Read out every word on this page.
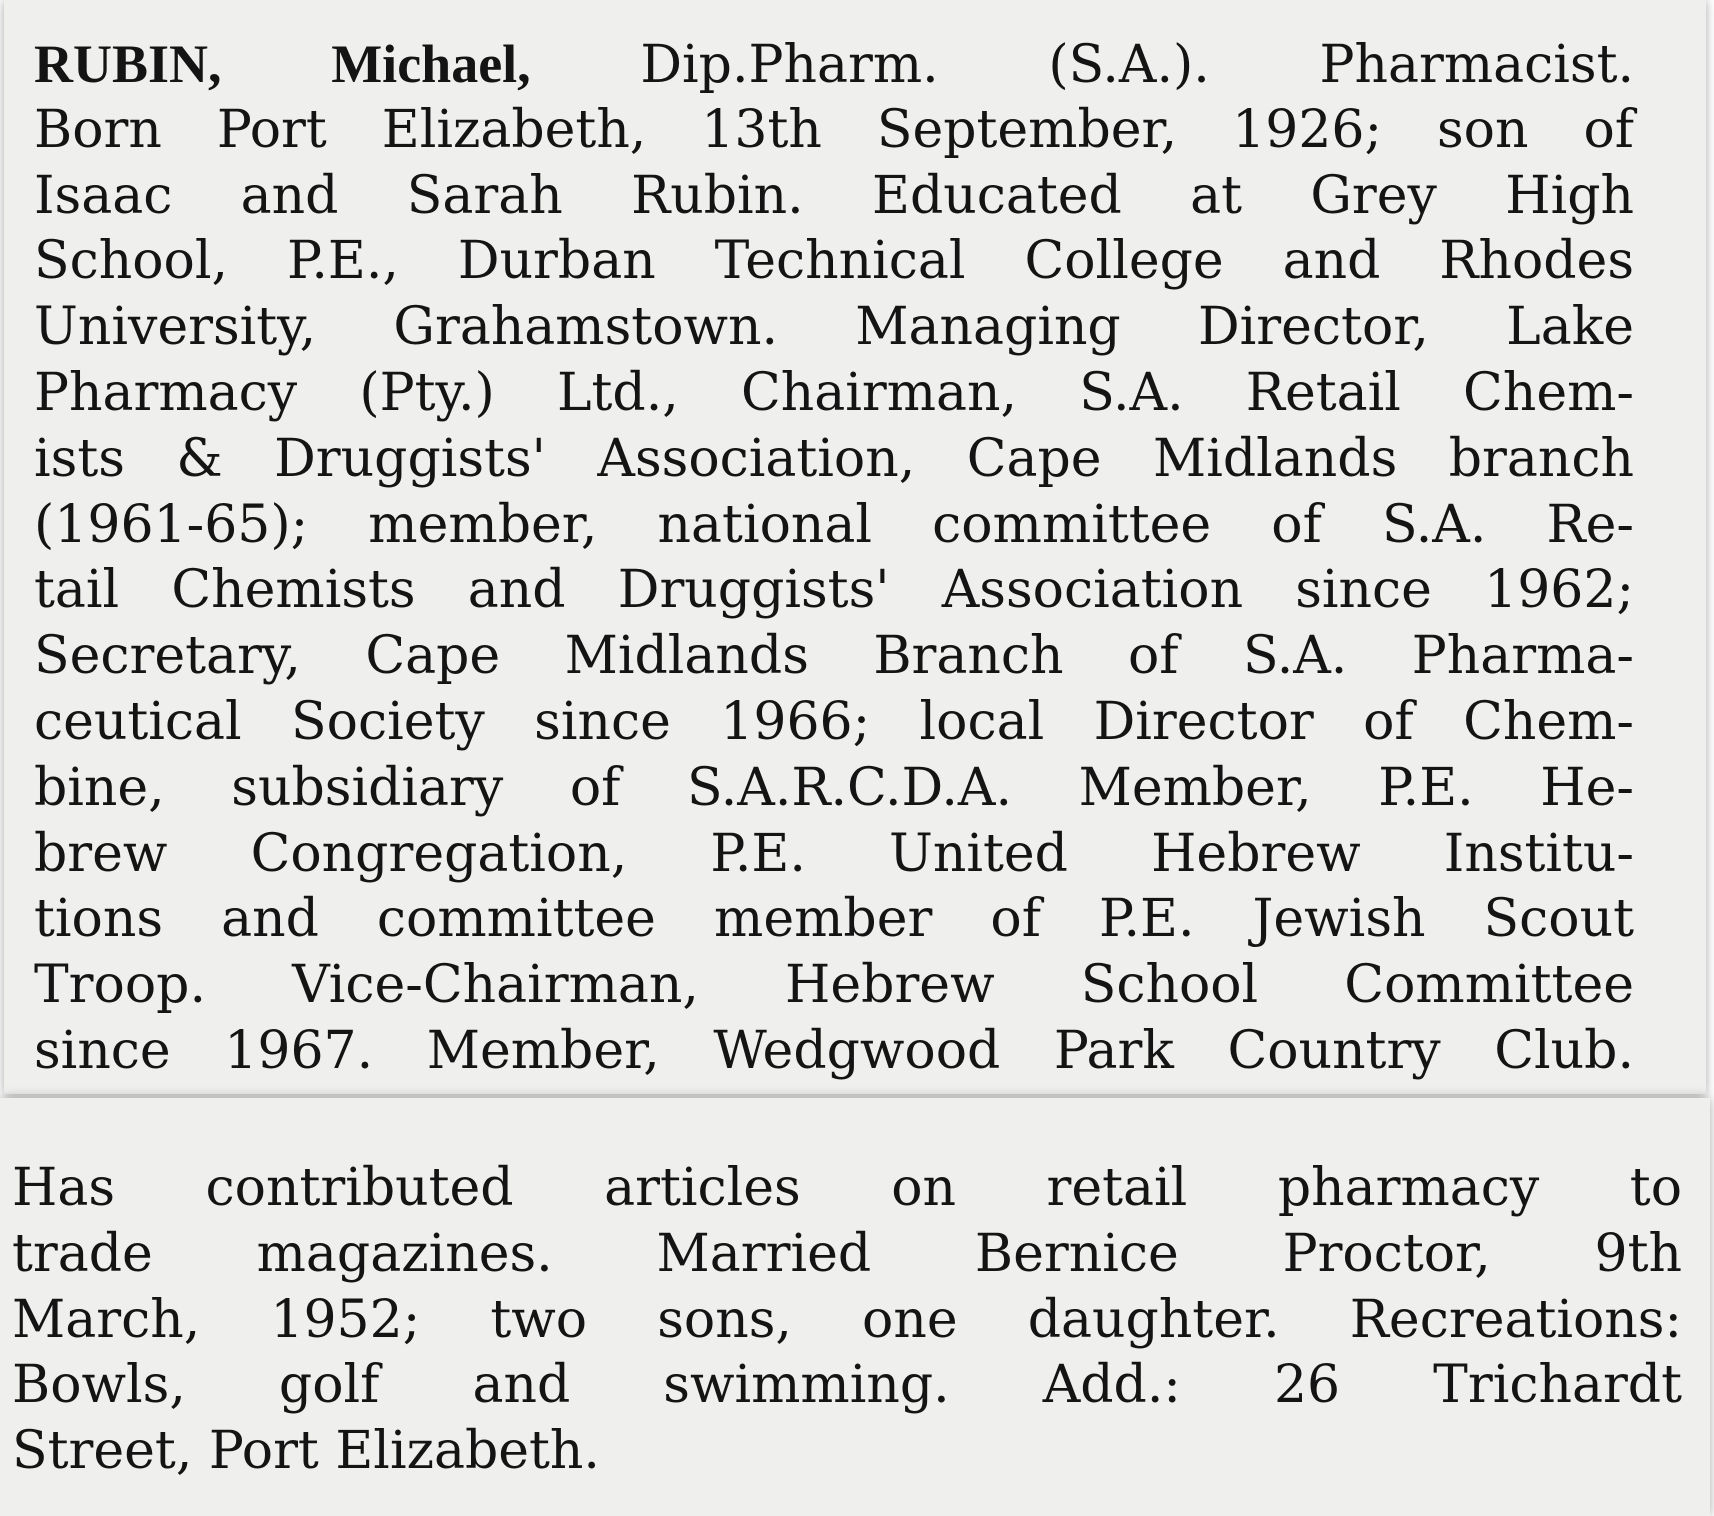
RUBIN, Michael, Dip.Pharm. (S.A.). Pharmacist.
Born Port Elizabeth, 13th September, 1926; son of
Isaac and Sarah Rubin. Educated at Grey High
School, P.E., Durban Technical College and Rhodes
University, Grahamstown. Managing Director, Lake
Pharmacy (Pty.) Ltd., Chairman, S.A. Retail Chem-
ists & Druggists' Association, Cape Midlands branch
(1961-65); member, national committee of S.A. Re-
tail Chemists and Druggists' Association since 1962;
Secretary, Cape Midlands Branch of S.A. Pharma-
ceutical Society since 1966; local Director of Chem-
bine, subsidiary of S.A.R.C.D.A. Member, P.E. He-
brew Congregation, P.E. United Hebrew Institu-
tions and committee member of P.E. Jewish Scout
Troop. Vice-Chairman, Hebrew School Committee
since 1967. Member, Wedgwood Park Country Club.
Has contributed articles on retail pharmacy to
trade magazines. Married Bernice Proctor, 9th
March, 1952; two sons, one daughter. Recreations:
Bowls, golf and swimming. Add.: 26 Trichardt
Street, Port Elizabeth.
